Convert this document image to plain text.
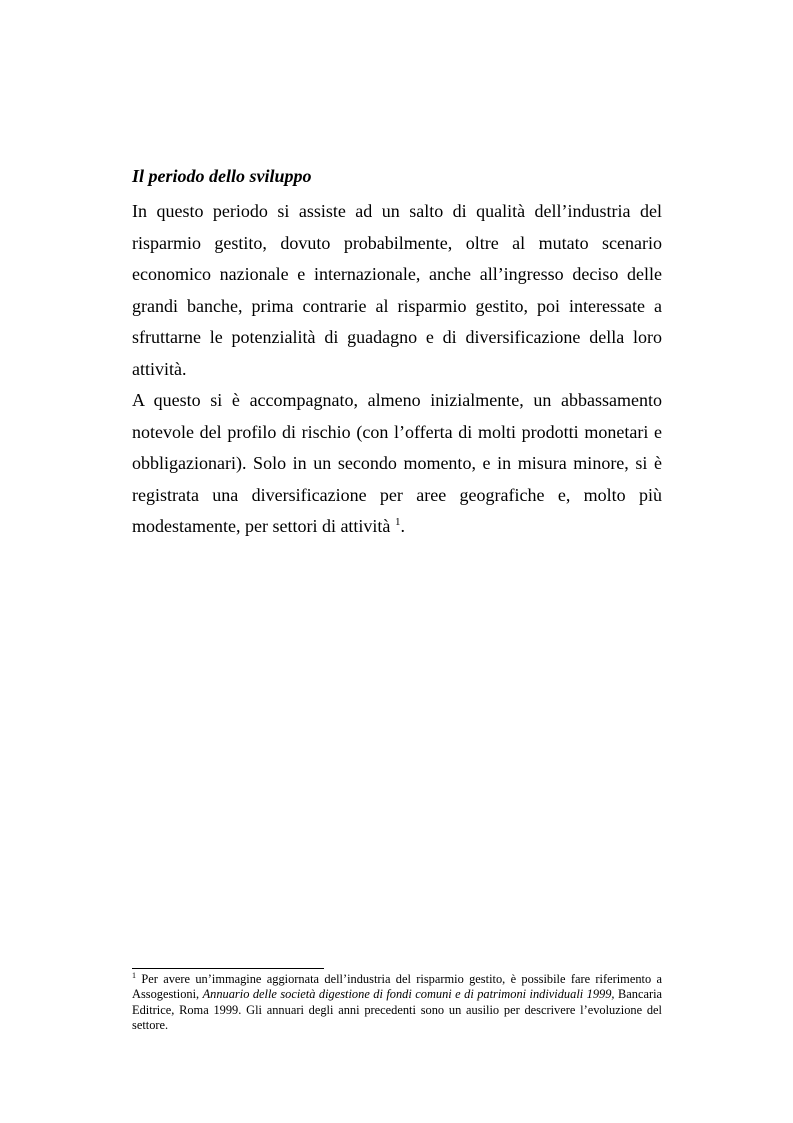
Il periodo dello sviluppo

In questo periodo si assiste ad un salto di qualità dell’industria del risparmio gestito, dovuto probabilmente, oltre al mutato scenario economico nazionale e internazionale, anche all’ingresso deciso delle grandi banche, prima contrarie al risparmio gestito, poi interessate a sfruttarne le potenzialità di guadagno e di diversificazione della loro attività.

A questo si è accompagnato, almeno inizialmente, un abbassamento notevole del profilo di rischio (con l’offerta di molti prodotti monetari e obbligazionari). Solo in un secondo momento, e in misura minore, si è registrata una diversificazione per aree geografiche e, molto più modestamente, per settori di attività $^1$.

$^1$ Per avere un’immagine aggiornata dell’industria del risparmio gestito, è possibile fare riferimento a Assogestioni, Annuario delle società digestione di fondi comuni e di patrimoni individuali 1999, Bancaria Editrice, Roma 1999. Gli annuari degli anni precedenti sono un ausilio per descrivere l’evoluzione del settore.
